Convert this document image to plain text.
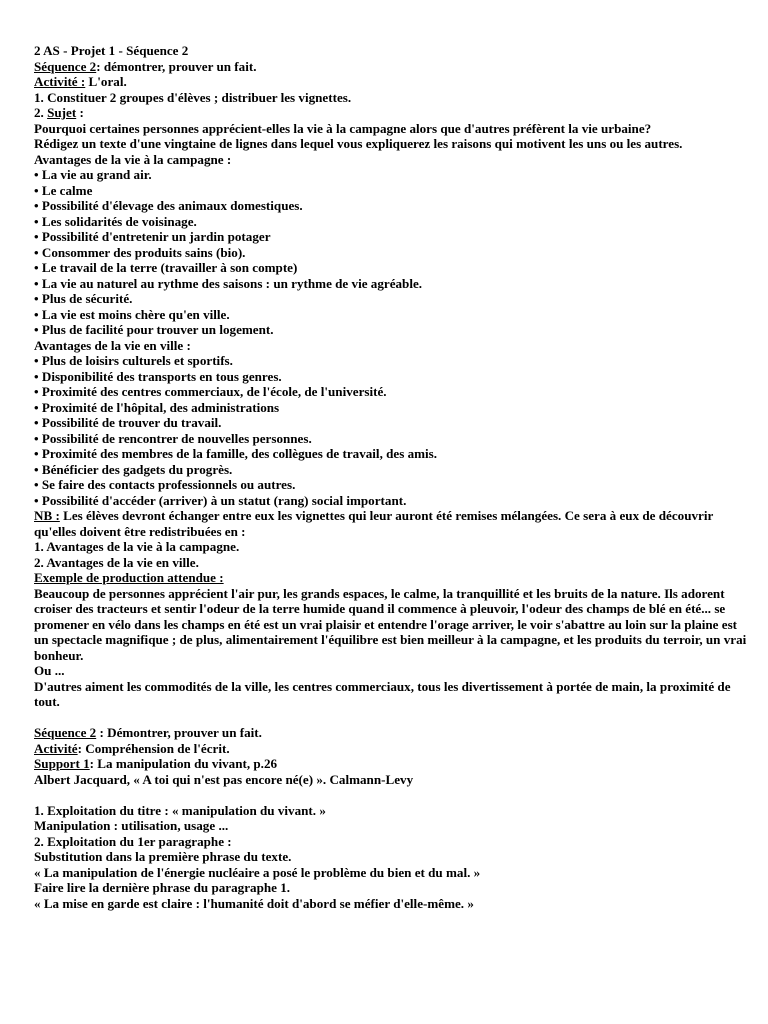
2 AS - Projet 1 - Séquence 2

Séquence 2: démontrer, prouver un fait.

Activité : L'oral.

1. Constituer 2 groupes d'élèves ; distribuer les vignettes.

2. Sujet :

Pourquoi certaines personnes apprécient-elles la vie à la campagne alors que d'autres préfèrent la vie urbaine?

Rédigez un texte d'une vingtaine de lignes dans lequel vous expliquerez les raisons qui motivent les uns ou les autres.

Avantages de la vie à la campagne :

• La vie au grand air.

• Le calme

• Possibilité d'élevage des animaux domestiques.

• Les solidarités de voisinage.

• Possibilité d'entretenir un jardin potager

• Consommer des produits sains (bio).

• Le travail de la terre (travailler à son compte)

• La vie au naturel au rythme des saisons : un rythme de vie agréable.

• Plus de sécurité.

• La vie est moins chère qu'en ville.

• Plus de facilité pour trouver un logement.

Avantages de la vie en ville :

• Plus de loisirs culturels et sportifs.

• Disponibilité des transports en tous genres.

• Proximité des centres commerciaux, de l'école, de l'université.

• Proximité de l'hôpital, des administrations

• Possibilité de trouver du travail.

• Possibilité de rencontrer de nouvelles personnes.

• Proximité des membres de la famille, des collègues de travail, des amis.

• Bénéficier des gadgets du progrès.

• Se faire des contacts professionnels ou autres.

• Possibilité d'accéder (arriver) à un statut (rang) social important.

NB : Les élèves devront échanger entre eux les vignettes qui leur auront été remises mélangées. Ce sera à eux de découvrir qu'elles doivent être redistribuées en :

1. Avantages de la vie à la campagne.

2. Avantages de la vie en ville.

Exemple de production attendue :

Beaucoup de personnes apprécient l'air pur, les grands espaces, le calme, la tranquillité et les bruits de la nature. Ils adorent croiser des tracteurs et sentir l'odeur de la terre humide quand il commence à pleuvoir, l'odeur des champs de blé en été... se promener en vélo dans les champs en été est un vrai plaisir et entendre l'orage arriver, le voir s'abattre au loin sur la plaine est un spectacle magnifique ; de plus, alimentairement l'équilibre est bien meilleur à la campagne, et les produits du terroir, un vrai bonheur.

Ou ...

D'autres aiment les commodités de la ville, les centres commerciaux, tous les divertissement à portée de main, la proximité de tout.

Séquence 2 : Démontrer, prouver un fait.

Activité: Compréhension de l'écrit.

Support 1: La manipulation du vivant, p.26

Albert Jacquard, « A toi qui n'est pas encore né(e) ». Calmann-Levy

1. Exploitation du titre : « manipulation du vivant. »

Manipulation : utilisation, usage ...

2. Exploitation du 1er paragraphe :

Substitution dans la première phrase du texte.

« La manipulation de l'énergie nucléaire a posé le problème du bien et du mal. »

Faire lire la dernière phrase du paragraphe 1.

« La mise en garde est claire : l'humanité doit d'abord se méfier d'elle-même. »
